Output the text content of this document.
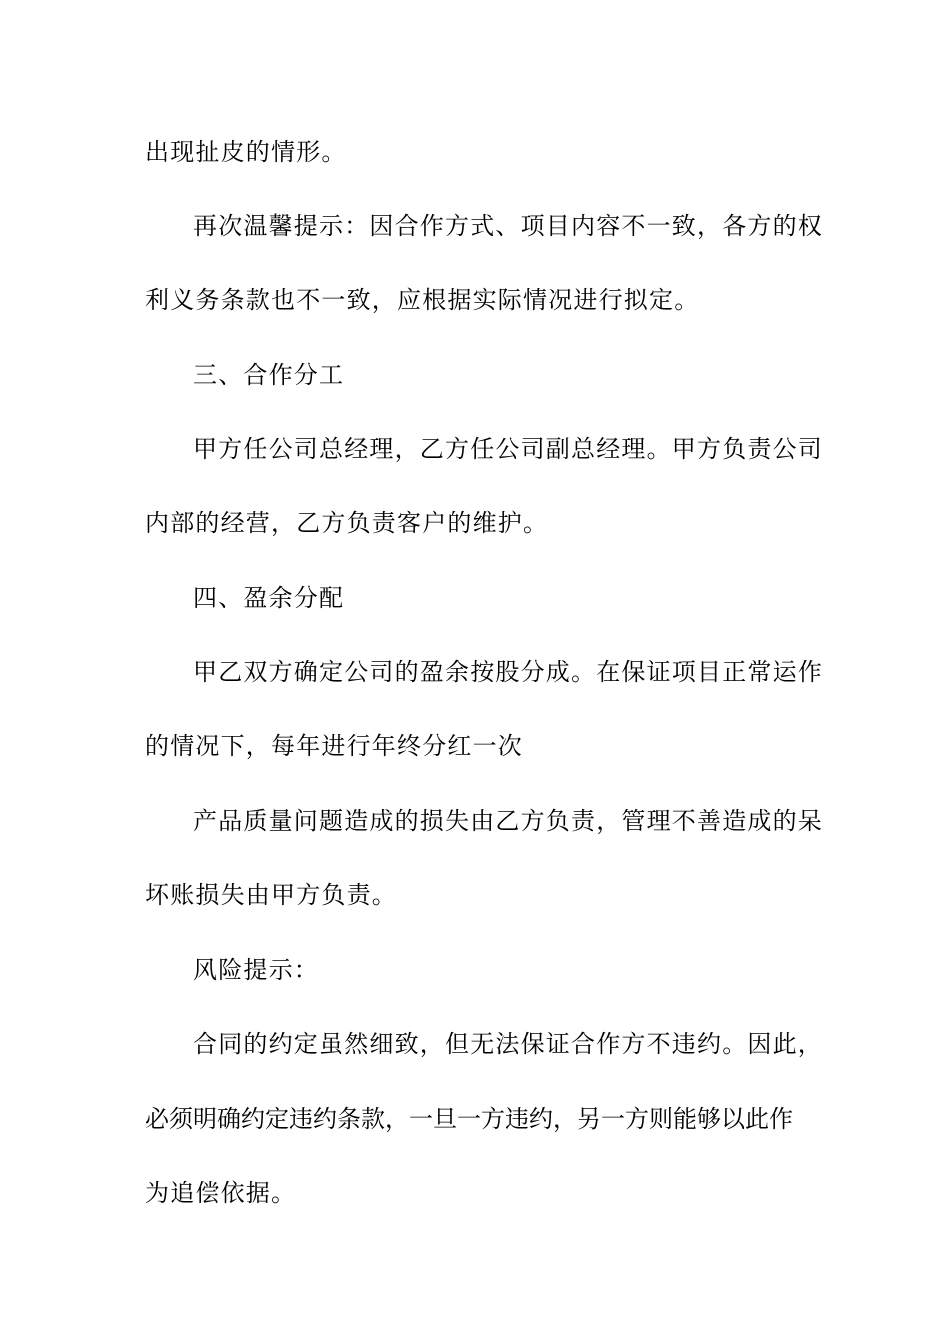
出现扯皮的情形。
再次温馨提示：因合作方式、项目内容不一致，各方的权
利义务条款也不一致，应根据实际情况进行拟定。
三、合作分工
甲方任公司总经理，乙方任公司副总经理。甲方负责公司
内部的经营，乙方负责客户的维护。
四、盈余分配
甲乙双方确定公司的盈余按股分成。在保证项目正常运作
的情况下，每年进行年终分红一次
产品质量问题造成的损失由乙方负责，管理不善造成的呆
坏账损失由甲方负责。
风险提示：
合同的约定虽然细致，但无法保证合作方不违约。因此，
必须明确约定违约条款，一旦一方违约，另一方则能够以此作
为追偿依据。
